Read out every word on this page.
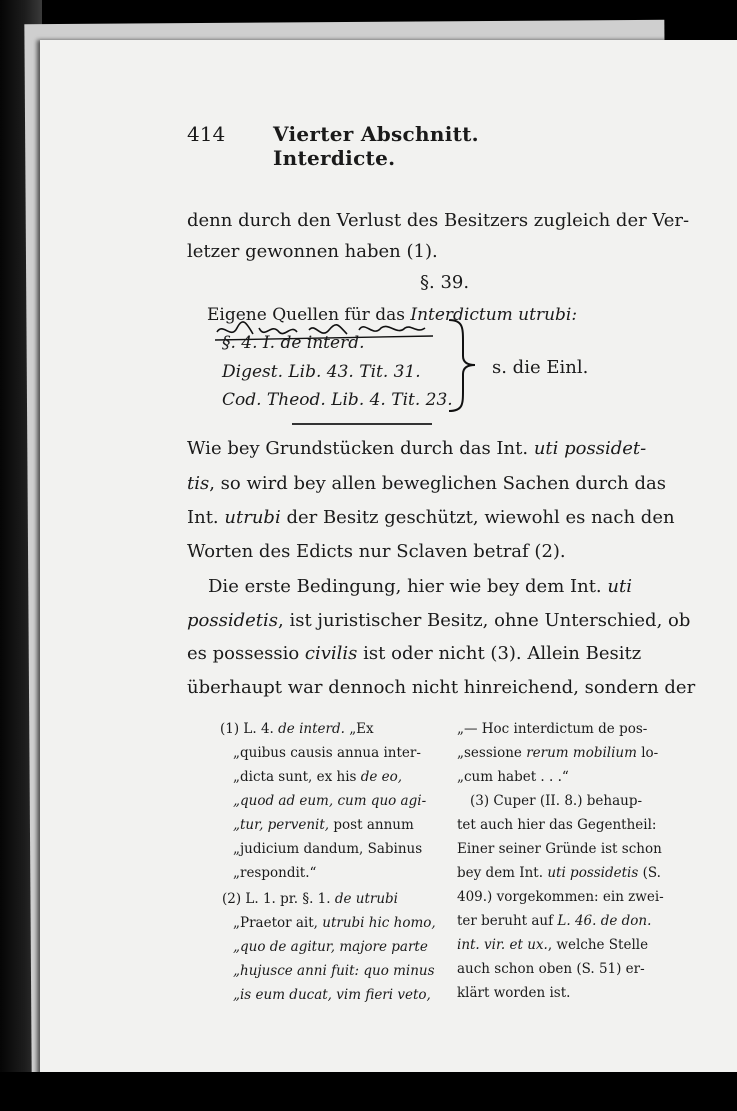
414 Vierter Abschnitt. Interdicte.
denn durch den Verlust des Besitzers zugleich der Ver-
letzer gewonnen haben (1).
§. 39.
Eigene Quellen für das Interdictum utrubi:
§. 4. I. de interd.
Digest. Lib. 43. Tit. 31.
Cod. Theod. Lib. 4. Tit. 23.
s. die Einl.
Wie bey Grundstücken durch das Int. uti possidet-
tis, so wird bey allen beweglichen Sachen durch das
Int. utrubi der Besitz geschützt, wiewohl es nach den
Worten des Edicts nur Sclaven betraf (2).
Die erste Bedingung, hier wie bey dem Int. uti
possidetis, ist juristischer Besitz, ohne Unterschied, ob
es possessio civilis ist oder nicht (3). Allein Besitz
überhaupt war dennoch nicht hinreichend, sondern der
(1) L. 4. de interd. „Ex
„quibus causis annua inter-
„dicta sunt, ex his de eo,
„quod ad eum, cum quo agi-
„tur, pervenit, post annum
„judicium dandum, Sabinus
„respondit.“
(2) L. 1. pr. §. 1. de utrubi
„Praetor ait, utrubi hic homo,
„quo de agitur, majore parte
„hujusce anni fuit: quo minus
„is eum ducat, vim fieri veto,
„— Hoc interdictum de pos-
„sessione rerum mobilium lo-
„cum habet . . .“
(3) Cuper (II. 8.) behaup-
tet auch hier das Gegentheil:
Einer seiner Gründe ist schon
bey dem Int. uti possidetis (S.
409.) vorgekommen: ein zwei-
ter beruht auf L. 46. de don.
int. vir. et ux., welche Stelle
auch schon oben (S. 51) er-
klärt worden ist.
